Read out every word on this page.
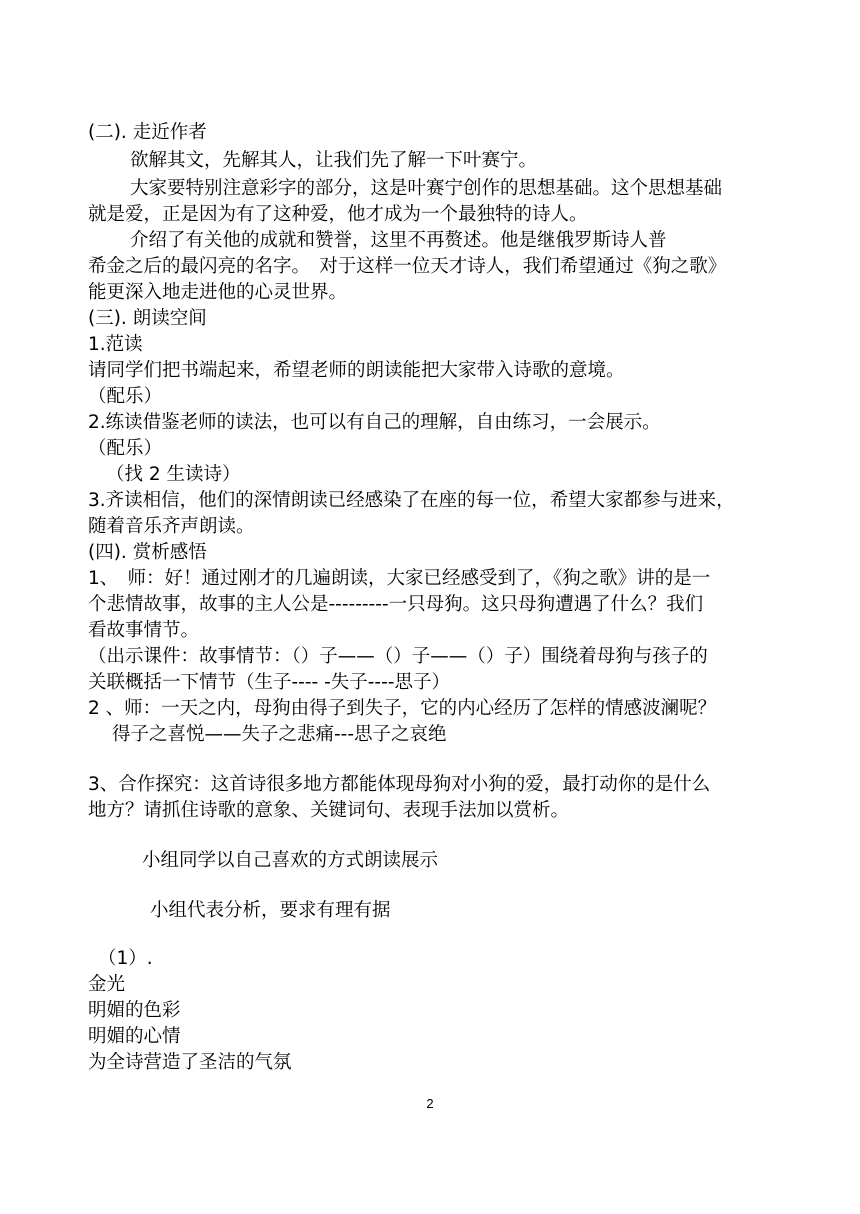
(二). 走近作者

欲解其文，先解其人，让我们先了解一下叶赛宁。

大家要特别注意彩字的部分，这是叶赛宁创作的思想基础。这个思想基础

就是爱，正是因为有了这种爱，他才成为一个最独特的诗人。

介绍了有关他的成就和赞誉，这里不再赘述。他是继俄罗斯诗人普

希金之后的最闪亮的名字。　对于这样一位天才诗人，我们希望通过《狗之歌》

能更深入地走进他的心灵世界。

(三). 朗读空间

1.范读

请同学们把书端起来，希望老师的朗读能把大家带入诗歌的意境。

（配乐）

2.练读借鉴老师的读法，也可以有自己的理解，自由练习，一会展示。

（配乐）

（找 2 生读诗）

3.齐读相信，他们的深情朗读已经感染了在座的每一位，希望大家都参与进来，

随着音乐齐声朗读。

(四). 赏析感悟

1、　师：好！通过刚才的几遍朗读，大家已经感受到了，《狗之歌》讲的是一

个悲情故事，故事的主人公是---------一只母狗。这只母狗遭遇了什么？我们

看故事情节。

（出示课件：故事情节：（）子——（）子——（）子）围绕着母狗与孩子的

关联概括一下情节（生子---- -失子----思子）

2 、师：一天之内，母狗由得子到失子，它的内心经历了怎样的情感波澜呢？

得子之喜悦——失子之悲痛---思子之哀绝

3、合作探究：这首诗很多地方都能体现母狗对小狗的爱，最打动你的是什么

地方？请抓住诗歌的意象、关键词句、表现手法加以赏析。

小组同学以自己喜欢的方式朗读展示

小组代表分析，要求有理有据

（1）.

金光

明媚的色彩

明媚的心情

为全诗营造了圣洁的气氛

2
